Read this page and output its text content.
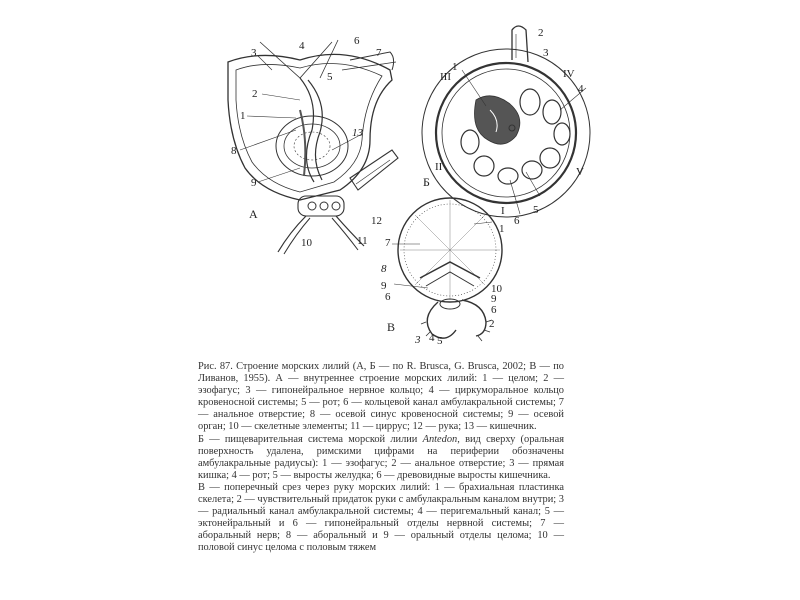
3
4	6
7
5
2
1
13
8
9
А	12
10	11
2
3
1
III	IV
4
II
Б
V
5
I
6
1
7
8
9
6
10
9
6
В	2
3 4 5

Рис. 87. Строение морских лилий (А, Б — по R. Brusca, G. Brusca, 2002; В — по Ливанов, 1955). А — внутреннее строение морских лилий: 1 — целом; 2 — эзофагус; 3 — гипонейральное нервное кольцо; 4 — циркуморальное кольцо кровеносной системы; 5 — рот; 6 — кольцевой канал амбулакральной системы; 7 — анальное отверстие; 8 — осевой синус кровеносной системы; 9 — осевой орган; 10 — скелетные элементы; 11 — циррус; 12 — рука; 13 — кишечник.

Б — пищеварительная система морской лилии Antedon, вид сверху (оральная поверхность удалена, римскими цифрами на периферии обозначены амбулакральные радиусы): 1 — эзофагус; 2 — анальное отверстие; 3 — прямая кишка; 4 — рот; 5 — выросты желудка; 6 — древовидные выросты кишечника.

В — поперечный срез через руку морских лилий: 1 — брахиальная пластинка скелета; 2 — чувствительный придаток руки с амбулакральным каналом внутри; 3 — радиальный канал амбулакральной системы; 4 — перигемальный канал; 5 — эктонейральный и 6 — гипонейральный отделы нервной системы; 7 — аборальный нерв; 8 — аборальный и 9 — оральный отделы целома; 10 — половой синус целома с половым тяжем
